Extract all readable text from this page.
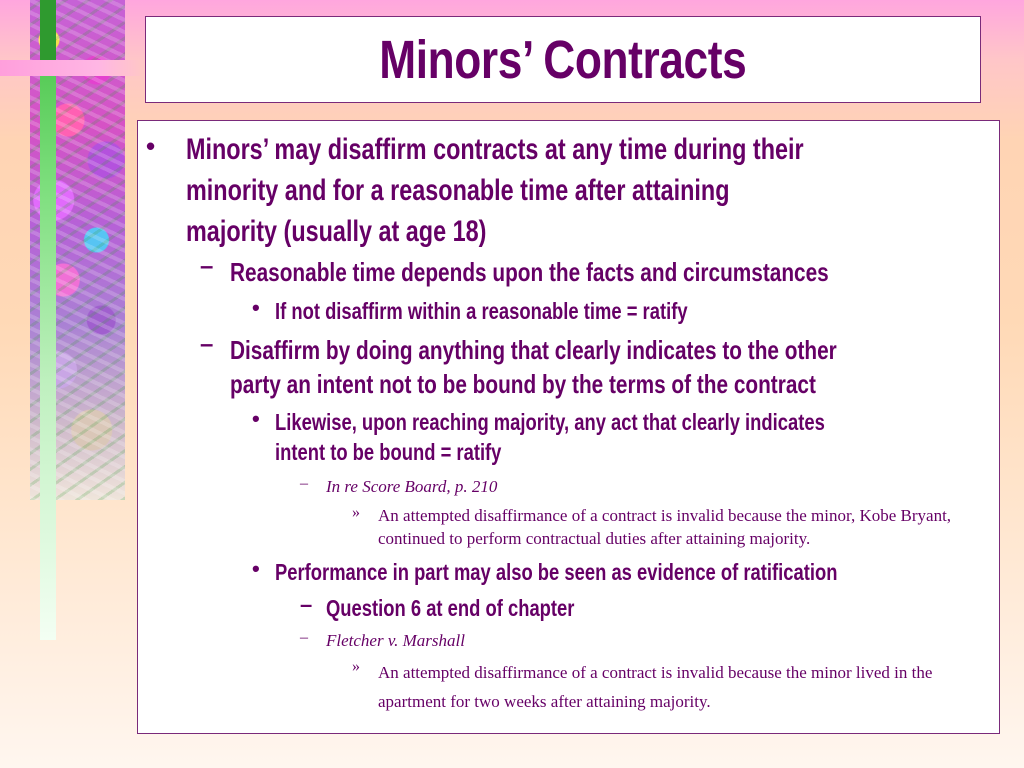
Minors’ Contracts
• Minors’ may disaffirm contracts at any time during their
minority and for a reasonable time after attaining
majority (usually at age 18)
– Reasonable time depends upon the facts and circumstances
• If not disaffirm within a reasonable time = ratify
– Disaffirm by doing anything that clearly indicates to the other
party an intent not to be bound by the terms of the contract
• Likewise, upon reaching majority, any act that clearly indicates
intent to be bound = ratify
– In re Score Board, p. 210
» An attempted disaffirmance of a contract is invalid because the minor, Kobe Bryant, continued to perform contractual duties after attaining majority.
• Performance in part may also be seen as evidence of ratification
– Question 6 at end of chapter
– Fletcher v. Marshall
» An attempted disaffirmance of a contract is invalid because the minor lived in the apartment for two weeks after attaining majority.
